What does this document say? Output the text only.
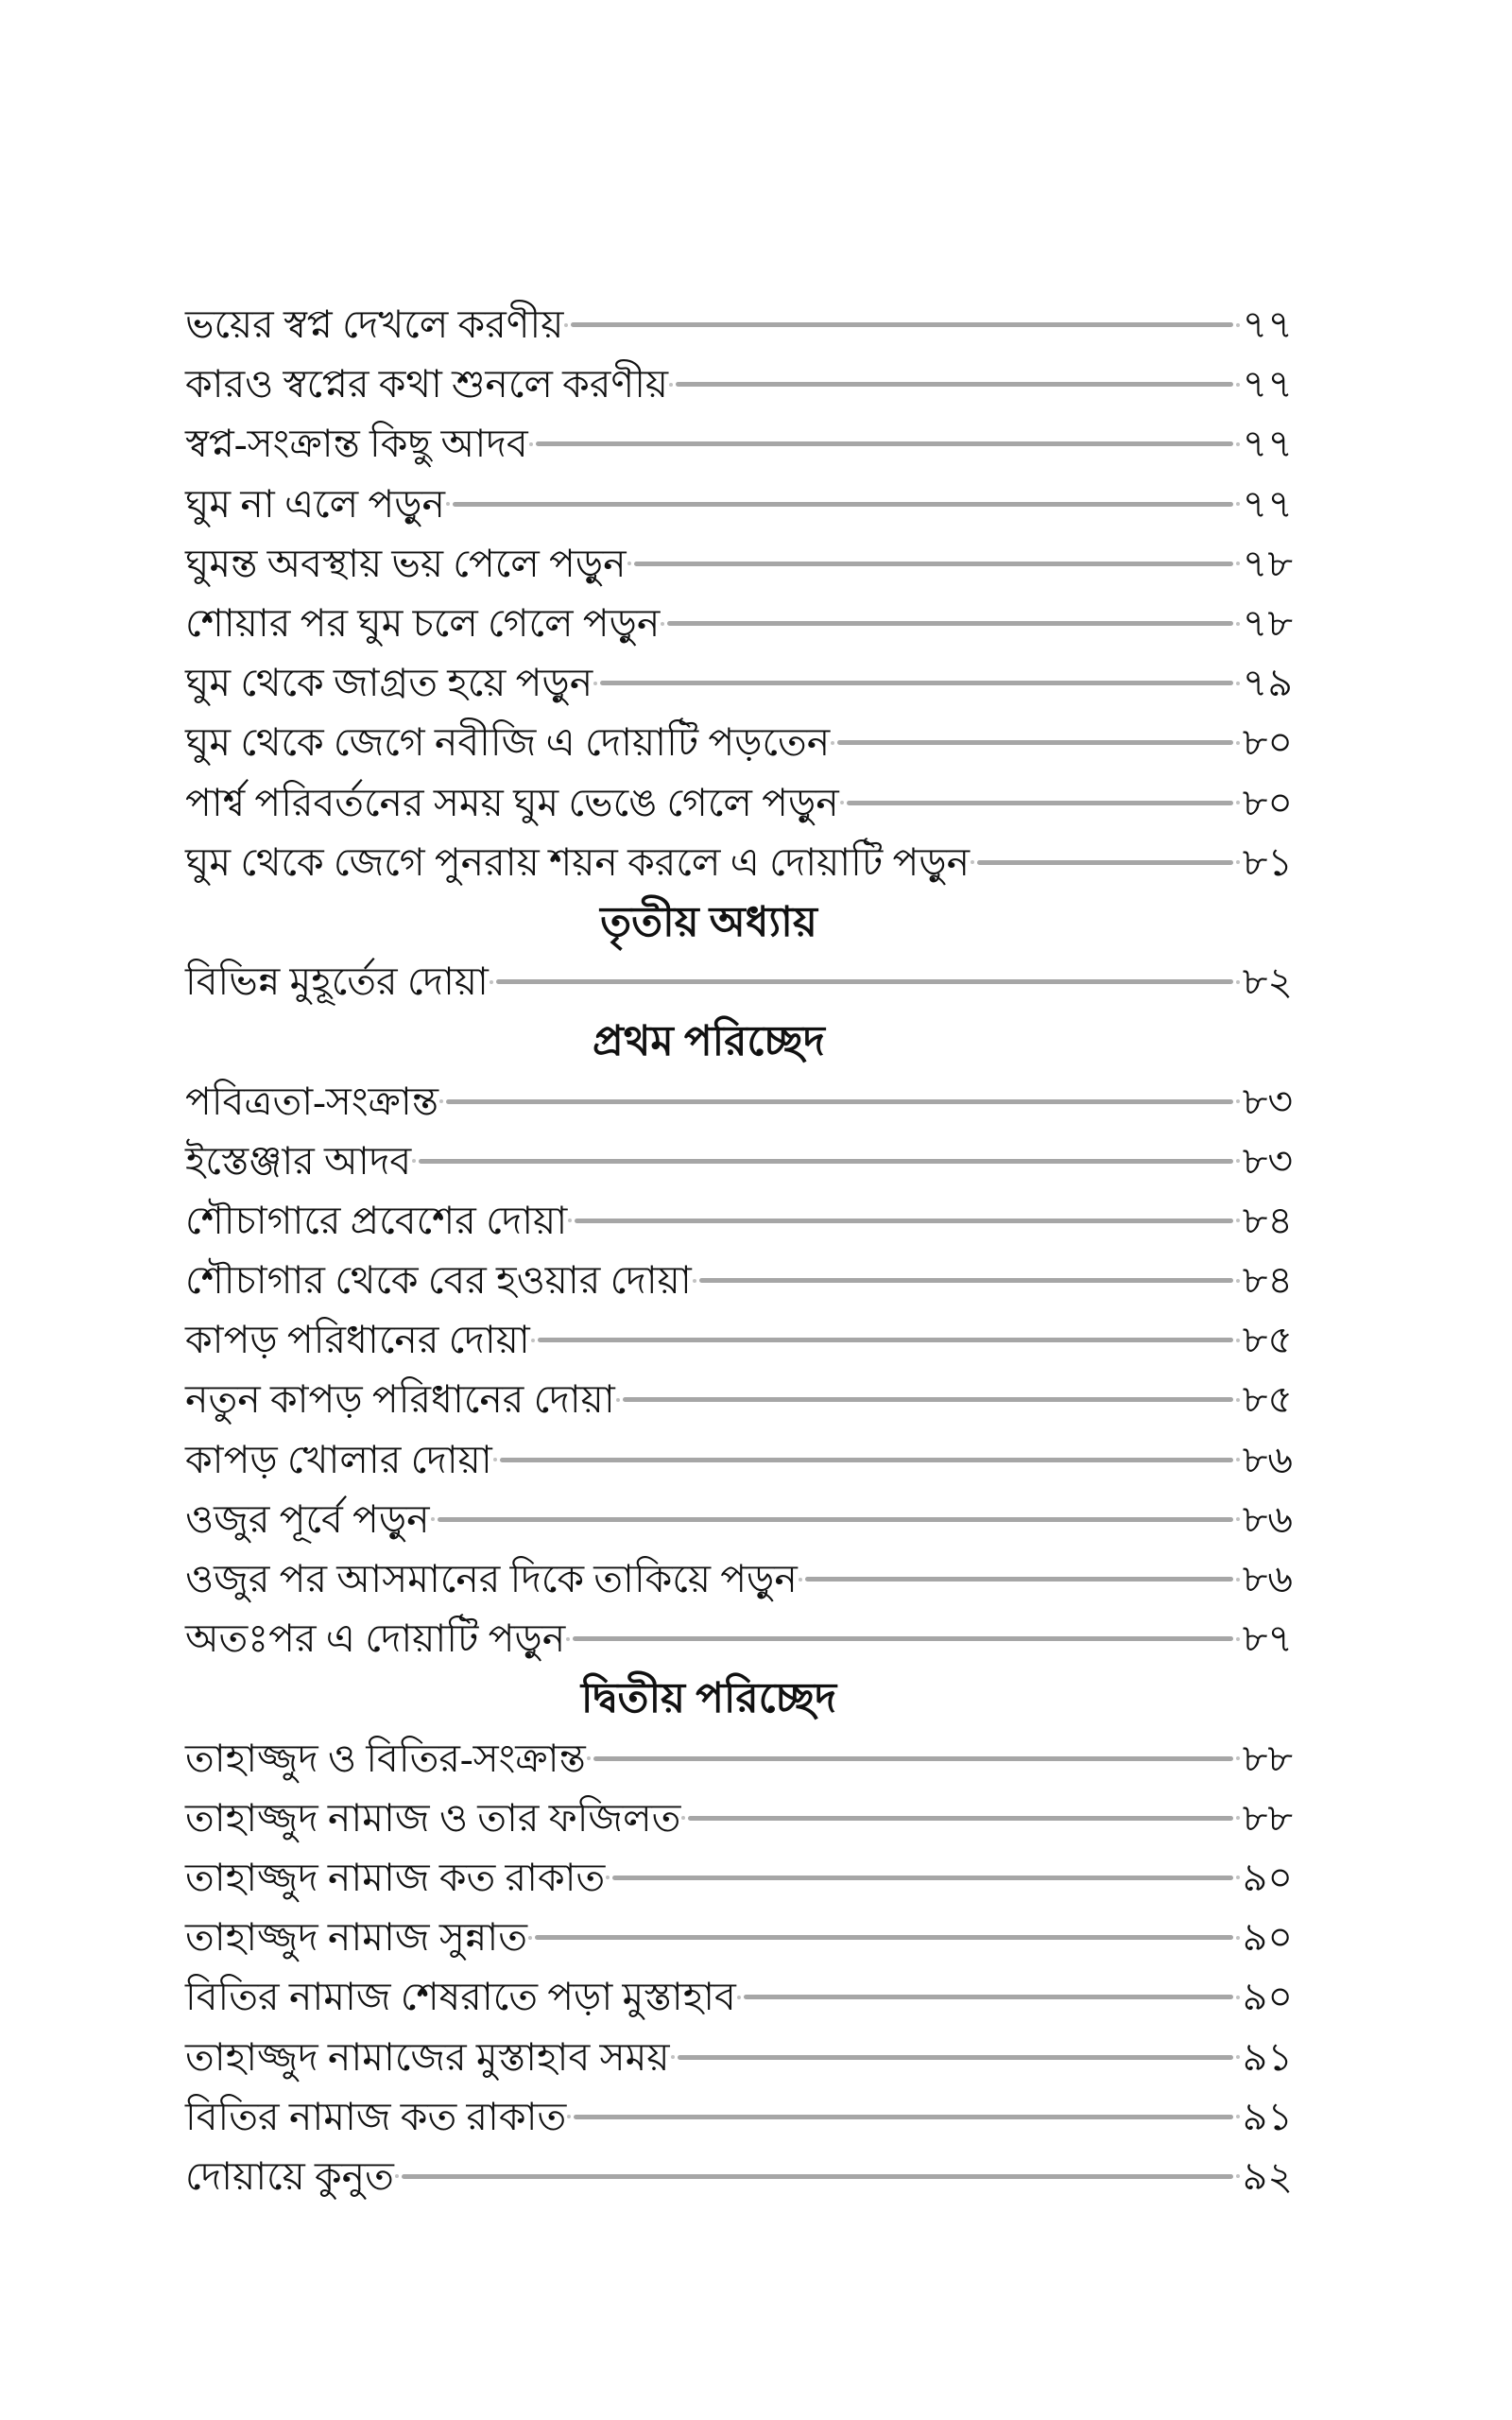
ভয়ের স্বপ্ন দেখলে করণীয়	৭৭
কারও স্বপ্নের কথা শুনলে করণীয়	৭৭
স্বপ্ন-সংক্রান্ত কিছু আদব	৭৭
ঘুম না এলে পড়ুন	৭৭
ঘুমন্ত অবস্থায় ভয় পেলে পড়ুন	৭৮
শোয়ার পর ঘুম চলে গেলে পড়ুন	৭৮
ঘুম থেকে জাগ্রত হয়ে পড়ুন	৭৯
ঘুম থেকে জেগে নবীজি এ দোয়াটি পড়তেন	৮০
পার্শ্ব পরিবর্তনের সময় ঘুম ভেঙে গেলে পড়ুন	৮০
ঘুম থেকে জেগে পুনরায় শয়ন করলে এ দোয়াটি পড়ুন	৮১
তৃতীয় অধ্যায়
বিভিন্ন মুহূর্তের দোয়া	৮২
প্রথম পরিচ্ছেদ
পবিত্রতা-সংক্রান্ত	৮৩
ইস্তেঞ্জার আদব	৮৩
শৌচাগারে প্রবেশের দোয়া	৮৪
শৌচাগার থেকে বের হওয়ার দোয়া	৮৪
কাপড় পরিধানের দোয়া	৮৫
নতুন কাপড় পরিধানের দোয়া	৮৫
কাপড় খোলার দোয়া	৮৬
ওজুর পূর্বে পড়ুন	৮৬
ওজুর পর আসমানের দিকে তাকিয়ে পড়ুন	৮৬
অতঃপর এ দোয়াটি পড়ুন	৮৭
দ্বিতীয় পরিচ্ছেদ
তাহাজ্জুদ ও বিতির-সংক্রান্ত	৮৮
তাহাজ্জুদ নামাজ ও তার ফজিলত	৮৮
তাহাজ্জুদ নামাজ কত রাকাত	৯০
তাহাজ্জুদ নামাজ সুন্নাত	৯০
বিতির নামাজ শেষরাতে পড়া মুস্তাহাব	৯০
তাহাজ্জুদ নামাজের মুস্তাহাব সময়	৯১
বিতির নামাজ কত রাকাত	৯১
দোয়ায়ে কুনুত	৯২
